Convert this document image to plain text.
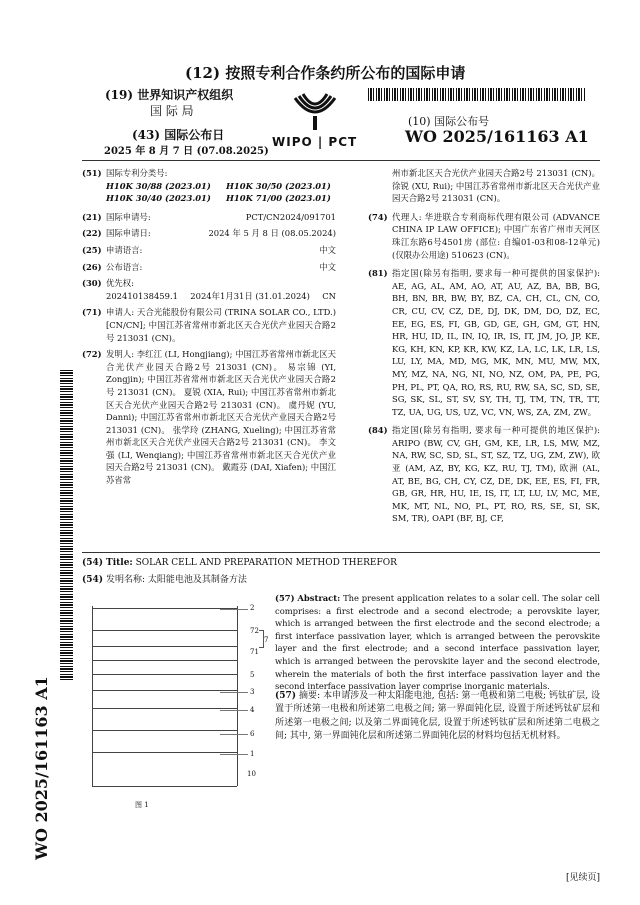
(12) 按照专利合作条约所公布的国际申请
(19) 世界知识产权组织
国 际 局
(43) 国际公布日
2025 年 8 月 7 日 (07.08.2025)
WIPO | PCT
(10) 国际公布号
WO 2025/161163 A1
(51) 国际专利分类号:
H10K 30/88 (2023.01)	H10K 30/50 (2023.01)
H10K 30/40 (2023.01)	H10K 71/00 (2023.01)
(21) 国际申请号:	PCT/CN2024/091701
(22) 国际申请日:	2024 年 5 月 8 日 (08.05.2024)
(25) 申请语言:	中文
(26) 公布语言:	中文
(30) 优先权:
202410138459.1 2024年1月31日 (31.01.2024) CN
(71) 申请人: 天合光能股份有限公司 (TRINA SOLAR CO., LTD.) [CN/CN]; 中国江苏省常州市新北区天合光伏产业园天合路2号 213031 (CN)。
(72) 发明人: 李红江 (LI, Hongjiang); 中国江苏省常州市新北区天合光伏产业园天合路2号 213031 (CN)。 易宗锦 (YI, Zongjin); 中国江苏省常州市新北区天合光伏产业园天合路2号 213031 (CN)。 夏锐 (XIA, Rui); 中国江苏省常州市新北区天合光伏产业园天合路2号 213031 (CN)。 虞丹妮 (YU, Danni); 中国江苏省常州市新北区天合光伏产业园天合路2号 213031 (CN)。 张学玲 (ZHANG, Xueling); 中国江苏省常州市新北区天合光伏产业园天合路2号 213031 (CN)。 李文强 (LI, Wenqiang); 中国江苏省常州市新北区天合光伏产业园天合路2号 213031 (CN)。 戴霞芬 (DAI, Xiafen); 中国江苏省常
州市新北区天合光伏产业园天合路2号 213031 (CN)。 徐锐 (XU, Rui); 中国江苏省常州市新北区天合光伏产业园天合路2号 213031 (CN)。
(74) 代理人: 华进联合专利商标代理有限公司 (ADVANCE CHINA IP LAW OFFICE); 中国广东省广州市天河区珠江东路6号4501房 (部位: 自编01-03和08-12单元) (仅限办公用途) 510623 (CN)。
(81) 指定国(除另有指明, 要求每一种可提供的国家保护): AE, AG, AL, AM, AO, AT, AU, AZ, BA, BB, BG, BH, BN, BR, BW, BY, BZ, CA, CH, CL, CN, CO, CR, CU, CV, CZ, DE, DJ, DK, DM, DO, DZ, EC, EE, EG, ES, FI, GB, GD, GE, GH, GM, GT, HN, HR, HU, ID, IL, IN, IQ, IR, IS, IT, JM, JO, JP, KE, KG, KH, KN, KP, KR, KW, KZ, LA, LC, LK, LR, LS, LU, LY, MA, MD, MG, MK, MN, MU, MW, MX, MY, MZ, NA, NG, NI, NO, NZ, OM, PA, PE, PG, PH, PL, PT, QA, RO, RS, RU, RW, SA, SC, SD, SE, SG, SK, SL, ST, SV, SY, TH, TJ, TM, TN, TR, TT, TZ, UA, UG, US, UZ, VC, VN, WS, ZA, ZM, ZW。
(84) 指定国(除另有指明, 要求每一种可提供的地区保护): ARIPO (BW, CV, GH, GM, KE, LR, LS, MW, MZ, NA, RW, SC, SD, SL, ST, SZ, TZ, UG, ZM, ZW), 欧亚 (AM, AZ, BY, KG, KZ, RU, TJ, TM), 欧洲 (AL, AT, BE, BG, CH, CY, CZ, DE, DK, EE, ES, FI, FR, GB, GR, HR, HU, IE, IS, IT, LT, LU, LV, MC, ME, MK, MT, NL, NO, PL, PT, RO, RS, SE, SI, SK, SM, TR), OAPI (BF, BJ, CF,
WO 2025/161163 A1
(54) Title: SOLAR CELL AND PREPARATION METHOD THEREFOR
(54) 发明名称: 太阳能电池及其制备方法
2
72
7
71
5
3
4
6
1
10
图 1
(57) Abstract: The present application relates to a solar cell. The solar cell comprises: a first electrode and a second electrode; a perovskite layer, which is arranged between the first electrode and the second electrode; a first interface passivation layer, which is arranged between the perovskite layer and the first electrode; and a second interface passivation layer, which is arranged between the perovskite layer and the second electrode, wherein the materials of both the first interface passivation layer and the second interface passivation layer comprise inorganic materials.
(57) 摘要: 本申请涉及一种太阳能电池, 包括: 第一电极和第二电极; 钙钛矿层, 设置于所述第一电极和所述第二电极之间; 第一界面钝化层, 设置于所述钙钛矿层和所述第一电极之间; 以及第二界面钝化层, 设置于所述钙钛矿层和所述第二电极之间; 其中, 第一界面钝化层和所述第二界面钝化层的材料均包括无机材料。
[见续页]
